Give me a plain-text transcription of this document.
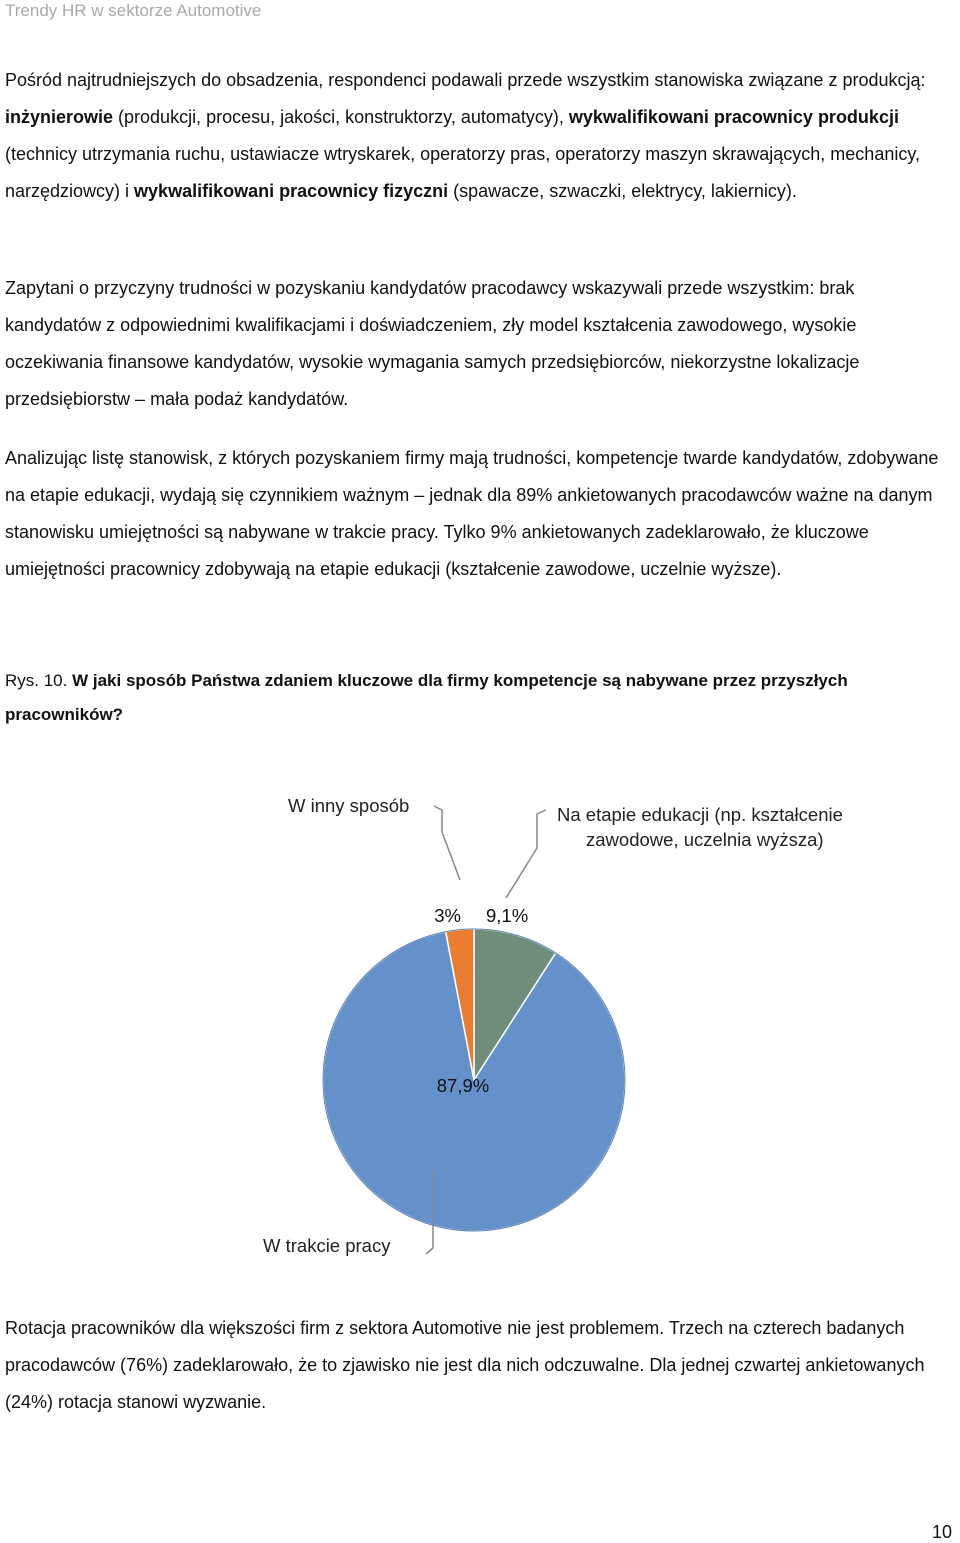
Trendy HR w sektorze Automotive

Pośród najtrudniejszych do obsadzenia, respondenci podawali przede wszystkim stanowiska związane z produkcją: inżynierowie (produkcji, procesu, jakości, konstruktorzy, automatycy), wykwalifikowani pracownicy produkcji (technicy utrzymania ruchu, ustawiacze wtryskarek, operatorzy pras, operatorzy maszyn skrawających, mechanicy, narzędziowcy) i wykwalifikowani pracownicy fizyczni (spawacze, szwaczki, elektrycy, lakiernicy).

Zapytani o przyczyny trudności w pozyskaniu kandydatów pracodawcy wskazywali przede wszystkim: brak kandydatów z odpowiednimi kwalifikacjami i doświadczeniem, zły model kształcenia zawodowego, wysokie oczekiwania finansowe kandydatów, wysokie wymagania samych przedsiębiorców, niekorzystne lokalizacje przedsiębiorstw – mała podaż kandydatów.

Analizując listę stanowisk, z których pozyskaniem firmy mają trudności, kompetencje twarde kandydatów, zdobywane na etapie edukacji, wydają się czynnikiem ważnym – jednak dla 89% ankietowanych pracodawców ważne na danym stanowisku umiejętności są nabywane w trakcie pracy. Tylko 9% ankietowanych zadeklarowało, że kluczowe umiejętności pracownicy zdobywają na etapie edukacji (kształcenie zawodowe, uczelnie wyższe).

Rys. 10. W jaki sposób Państwa zdaniem kluczowe dla firmy kompetencje są nabywane przez przyszłych pracowników?

9,1%
Na etapie edukacji (np. kształcenie
zawodowe, uczelnia wyższa)
87,9%
W trakcie pracy
3%
W inny sposób

Rotacja pracowników dla większości firm z sektora Automotive nie jest problemem. Trzech na czterech badanych pracodawców (76%) zadeklarowało, że to zjawisko nie jest dla nich odczuwalne. Dla jednej czwartej ankietowanych (24%) rotacja stanowi wyzwanie.

10
